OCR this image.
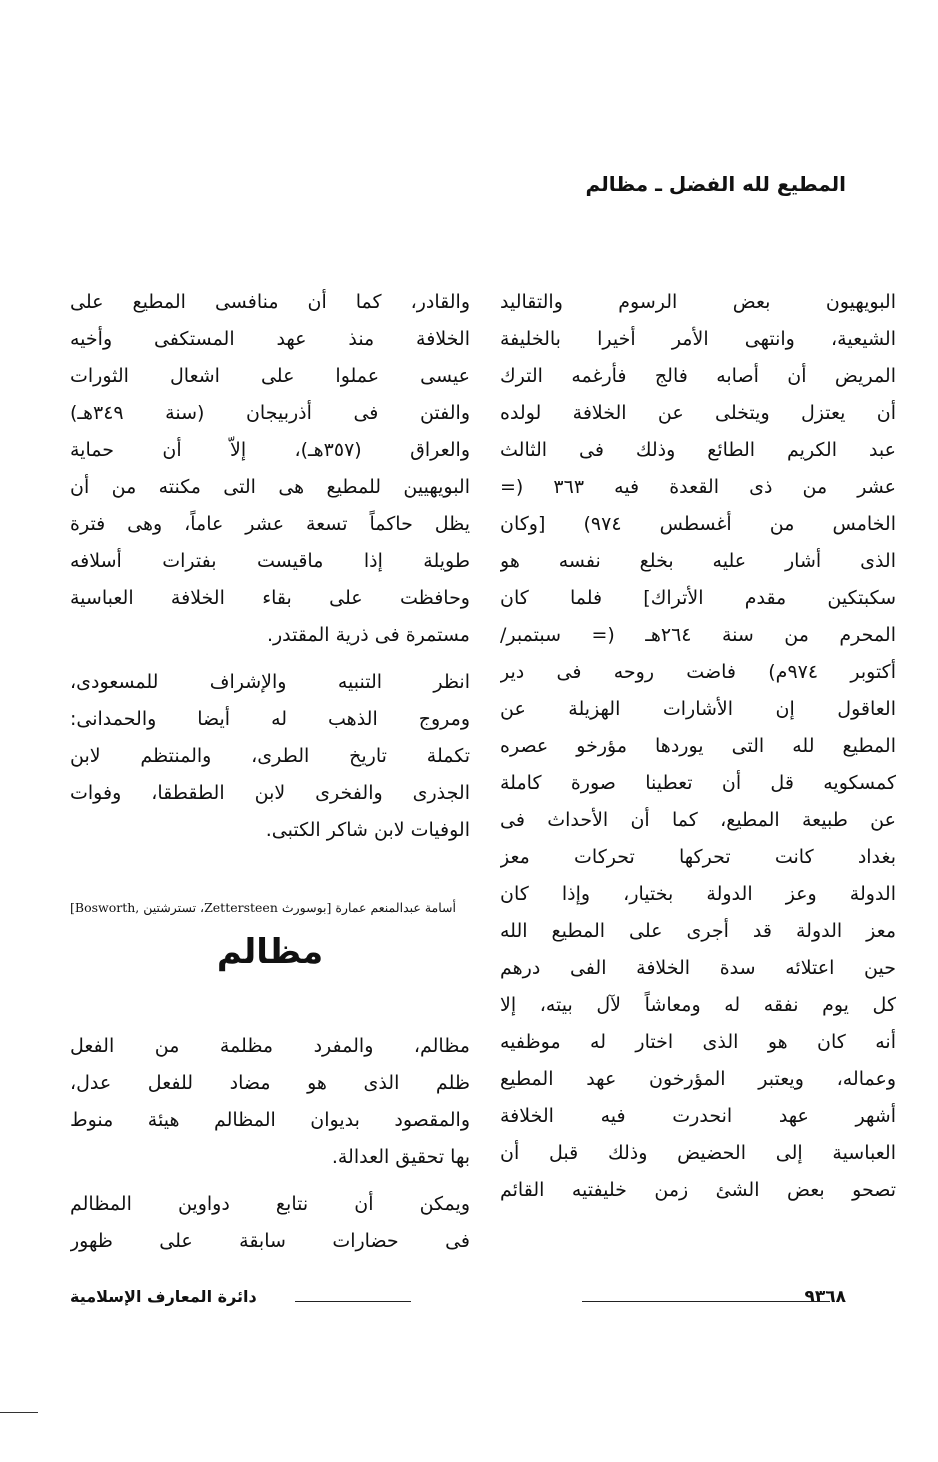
المطيع لله الفضل ـ مظالم
البويهيون بعض الرسوم والتقاليد
الشيعية، وانتهى الأمر أخيرا بالخليفة
المريض أن أصابه فالج فأرغمه الترك
أن يعتزل ويتخلى عن الخلافة لولده
عبد الكريم الطائع وذلك فى الثالث
عشر من ذى القعدة فيه ٣٦٣ (=
الخامس من أغسطس ٩٧٤) [وكان
الذى أشار عليه بخلع نفسه هو
سكبتكين مقدم الأتراك] فلما كان
المحرم من سنة ٢٦٤هـ (= سبتمبر/
أكتوبر ٩٧٤م) فاضت روحه فى دير
العاقول إن الأشارات الهزيلة عن
المطيع لله التى يوردها مؤرخو عصره
كمسكويه قل أن تعطينا صورة كاملة
عن طبيعة المطيع، كما أن الأحداث فى
بغداد كانت تحركها تحركات معز
الدولة وعز الدولة بختيار، وإذا كان
معز الدولة قد أجرى على المطيع الله
حين اعتلائه سدة الخلافة الفى درهم
كل يوم نفقه له ومعاشاً لآل بيته، إلا
أنه كان هو الذى اختار له موظفيه
وعماله، ويعتبر المؤرخون عهد المطيع
أشهر عهد انحدرت فيه الخلافة
العباسية إلى الحضيض وذلك قبل أن
تصحو بعض الشئ زمن خليفتيه القائم
والقادر، كما أن منافسى المطيع على
الخلافة منذ عهد المستكفى وأخيه
عيسى عملوا على اشعال الثورات
والفتن فى أذربيجان (سنة ٣٤٩هـ)
والعراق (٣٥٧هـ)، إلاّ أن حماية
البويهيين للمطيع هى التى مكنته من أن
يظل حاكماً تسعة عشر عاماً، وهى فترة
طويلة إذا ماقيست بفترات أسلافه
وحافظت على بقاء الخلافة العباسية
مستمرة فى ذرية المقتدر.
انظر التنبيه والإشراف للمسعودى،
ومروج الذهب له أيضا والحمدانى:
تكملة تاريخ الطرى، والمنتظم لابن
الجذرى والفخرى لابن الطقطقا، وفوات
الوفيات لابن شاكر الكتبى.
أسامة عبدالمنعم عمارة [بوسورث Zettersteen، تسترشتين ,Bosworth]
مظالم
مظالم، والمفرد مظلمة من الفعل
ظلم الذى هو مضاد للفعل عدل،
والمقصود بديوان المظالم هيئة منوط
بها تحقيق العدالة.
ويمكن أن نتابع دواوين المظالم
فى حضارات سابقة على ظهور
٩٣٦٨
دائرة المعارف الإسلامية
